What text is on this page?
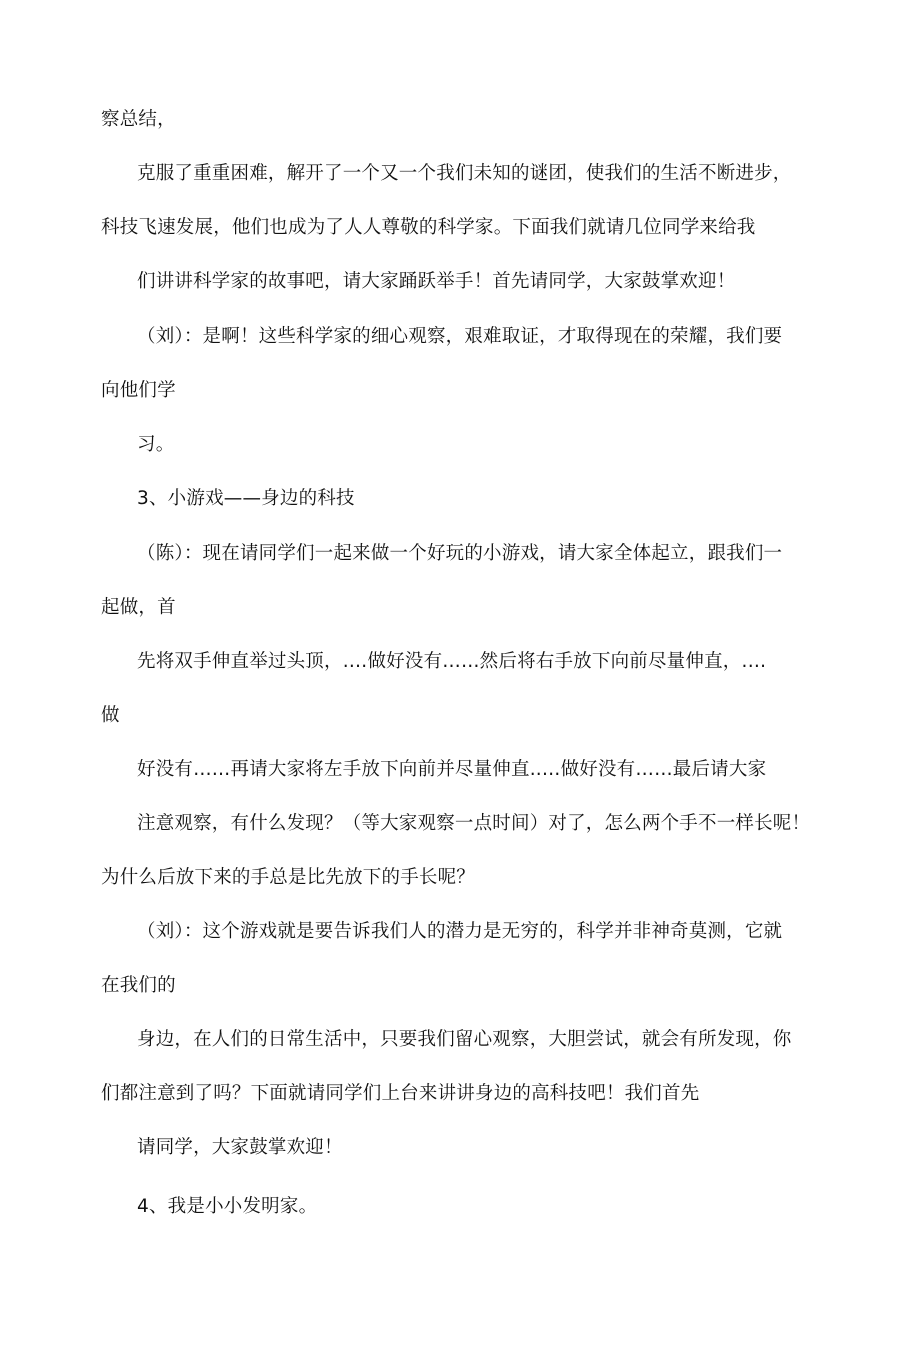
察总结，
克服了重重困难，解开了一个又一个我们未知的谜团，使我们的生活不断进步，
科技飞速发展，他们也成为了人人尊敬的科学家。下面我们就请几位同学来给我
们讲讲科学家的故事吧，请大家踊跃举手！首先请同学，大家鼓掌欢迎！
（刘）：是啊！这些科学家的细心观察，艰难取证，才取得现在的荣耀，我们要
向他们学
习。
3、小游戏——身边的科技
（陈）：现在请同学们一起来做一个好玩的小游戏，请大家全体起立，跟我们一
起做，首
先将双手伸直举过头顶，.…做好没有……然后将右手放下向前尽量伸直，.…
做
好没有……再请大家将左手放下向前并尽量伸直..…做好没有……最后请大家
注意观察，有什么发现？（等大家观察一点时间）对了，怎么两个手不一样长呢！
为什么后放下来的手总是比先放下的手长呢？
（刘）：这个游戏就是要告诉我们人的潜力是无穷的，科学并非神奇莫测，它就
在我们的
身边，在人们的日常生活中，只要我们留心观察，大胆尝试，就会有所发现，你
们都注意到了吗？下面就请同学们上台来讲讲身边的高科技吧！我们首先
请同学，大家鼓掌欢迎！
4、我是小小发明家。
